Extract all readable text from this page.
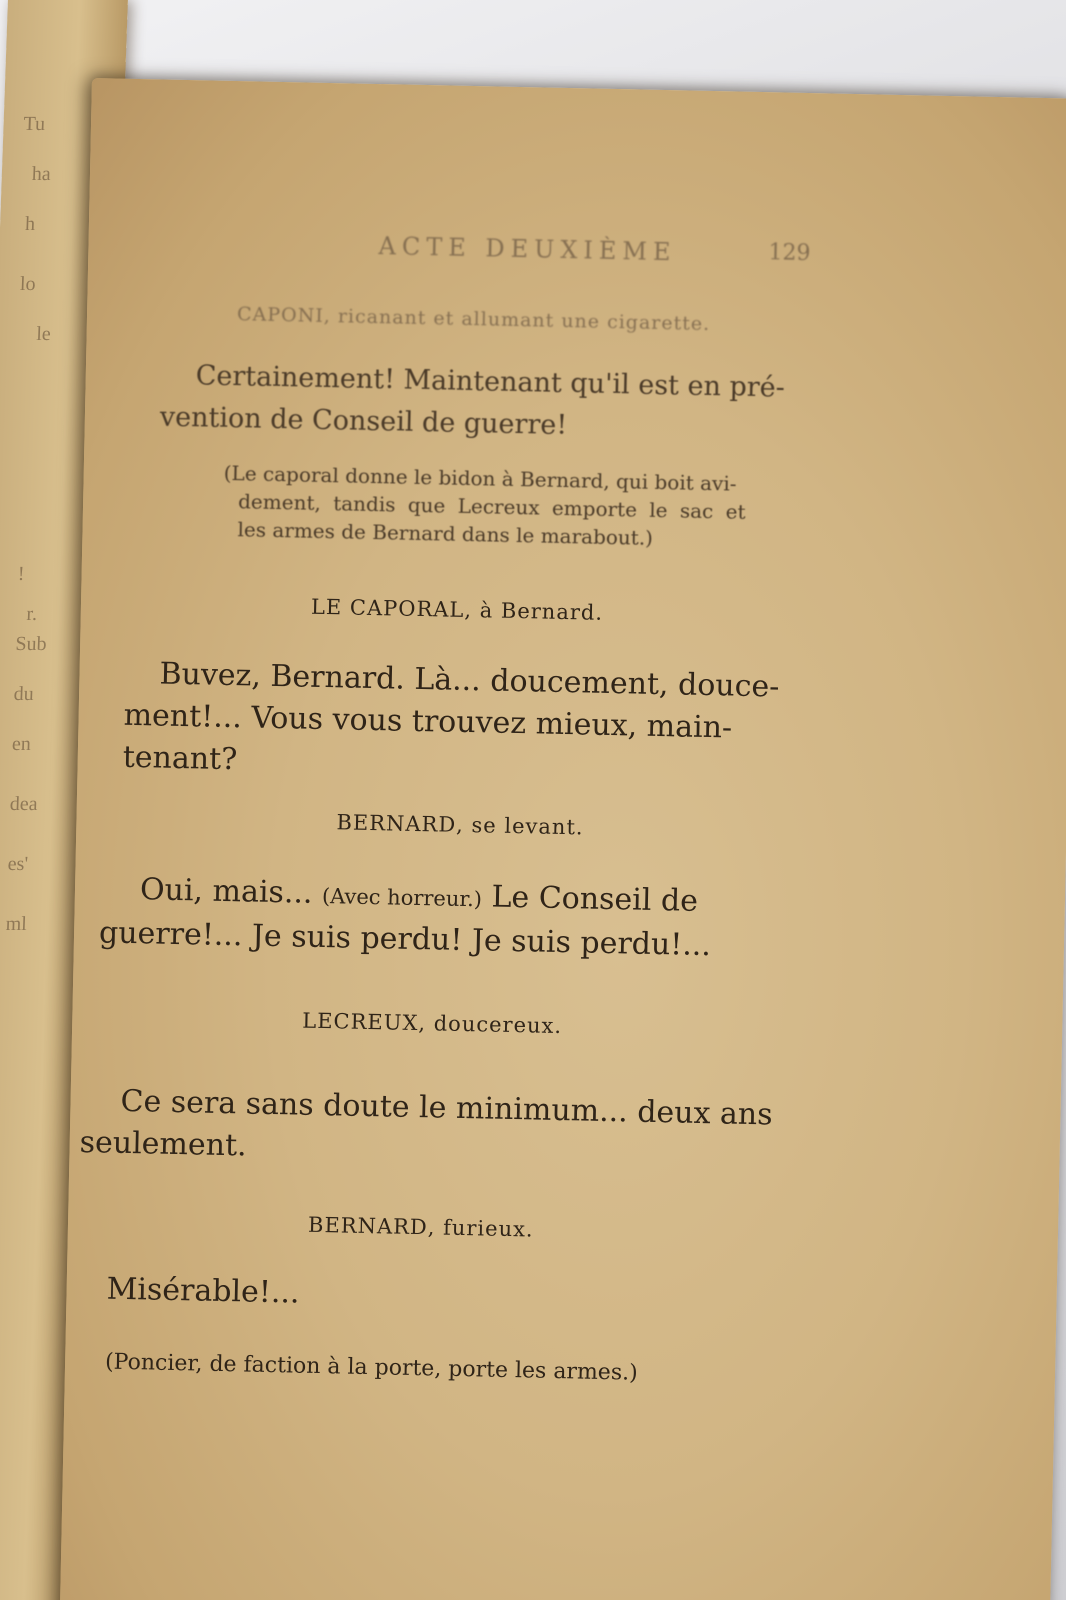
Tu
ha
h
lo
le
!
r.
Sub
du
en
dea
es'
ml
ACTE DEUXIÈME	129
CAPONI, ricanant et allumant une cigarette.
Certainement! Maintenant qu'il est en pré-
vention de Conseil de guerre!
(Le caporal donne le bidon à Bernard, qui boit avi-
dement, tandis que Lecreux emporte le sac et
les armes de Bernard dans le marabout.)
LE CAPORAL, à Bernard.
Buvez, Bernard. Là... doucement, douce-
ment!... Vous vous trouvez mieux, main-
tenant?
BERNARD, se levant.
Oui, mais... (Avec horreur.) Le Conseil de
guerre!... Je suis perdu! Je suis perdu!...
LECREUX, doucereux.
Ce sera sans doute le minimum... deux ans
seulement.
BERNARD, furieux.
Misérable!...
(Poncier, de faction à la porte, porte les armes.)
